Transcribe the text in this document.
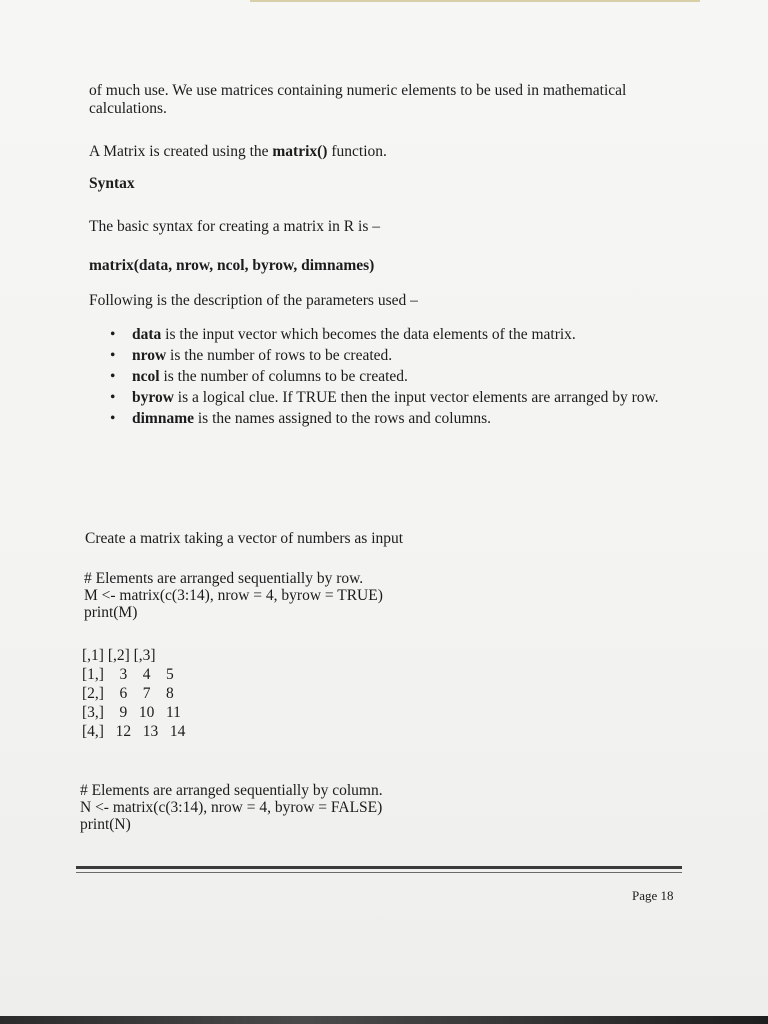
of much use. We use matrices containing numeric elements to be used in mathematical calculations.
A Matrix is created using the matrix() function.
Syntax
The basic syntax for creating a matrix in R is –
matrix(data, nrow, ncol, byrow, dimnames)
Following is the description of the parameters used –
• data is the input vector which becomes the data elements of the matrix.
• nrow is the number of rows to be created.
• ncol is the number of columns to be created.
• byrow is a logical clue. If TRUE then the input vector elements are arranged by row.
• dimname is the names assigned to the rows and columns.
Create a matrix taking a vector of numbers as input
# Elements are arranged sequentially by row.
M <- matrix(c(3:14), nrow = 4, byrow = TRUE)
print(M)
[,1] [,2] [,3]
[1,]    3    4    5
[2,]    6    7    8
[3,]    9   10   11
[4,]   12   13   14
# Elements are arranged sequentially by column.
N <- matrix(c(3:14), nrow = 4, byrow = FALSE)
print(N)
Page 18
